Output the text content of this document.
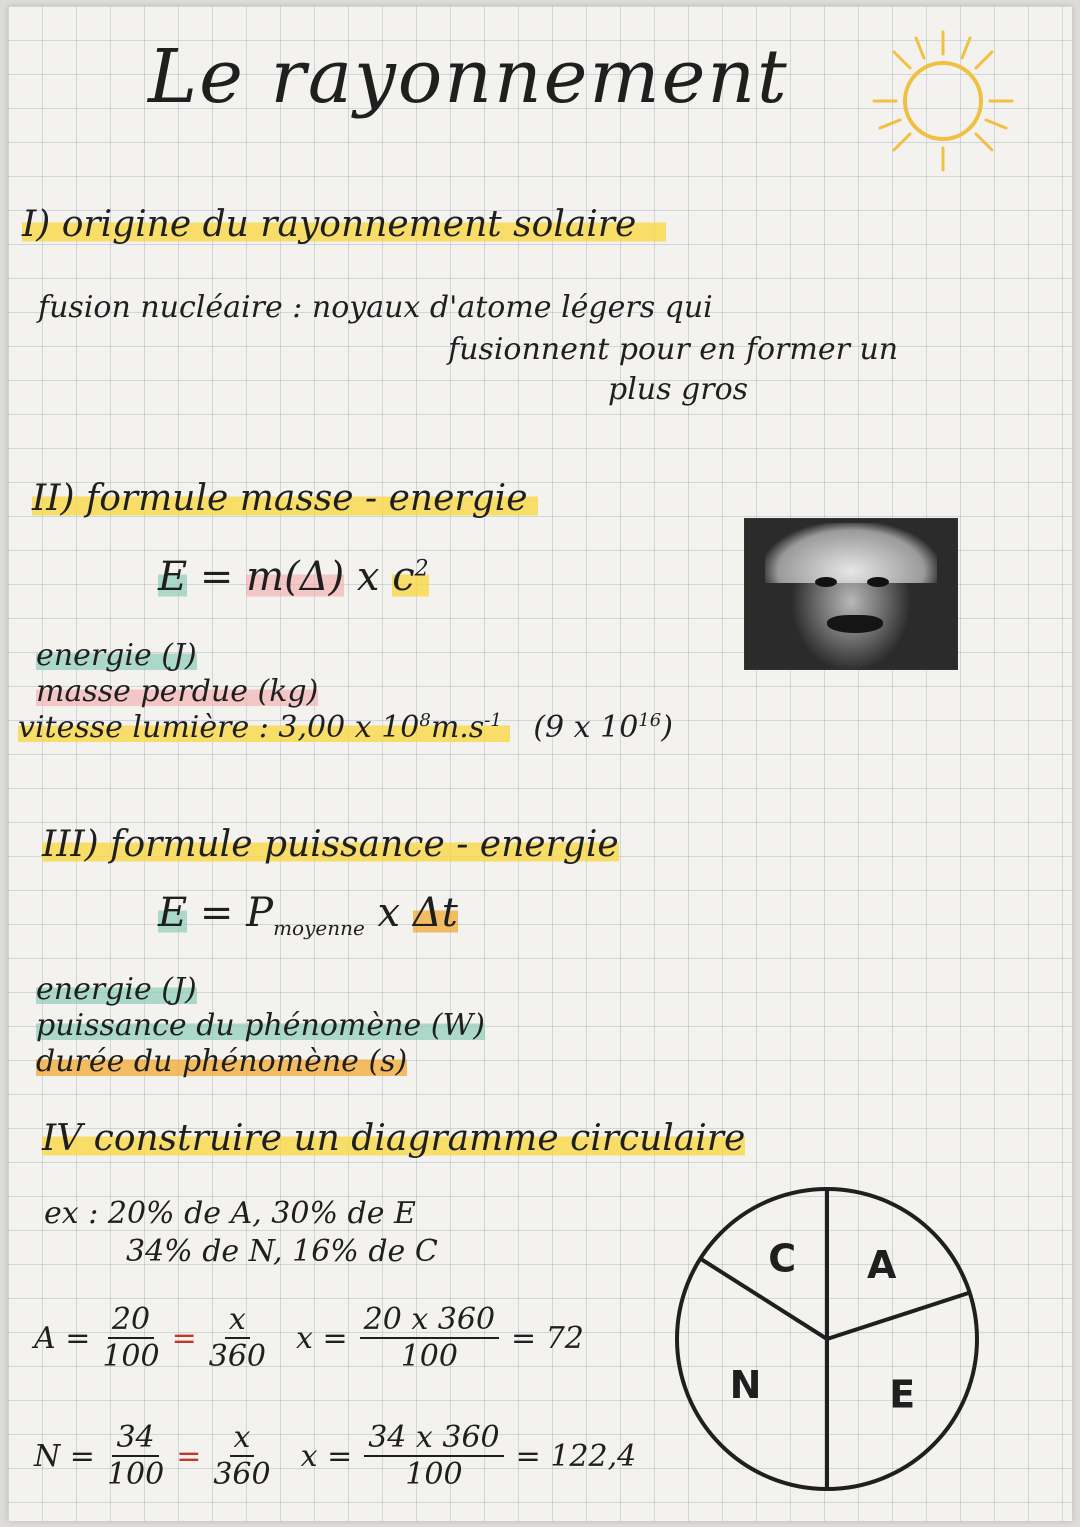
Le rayonnement
I) origine du rayonnement solaire
fusion nucléaire : noyaux d'atome légers qui
fusionnent pour en former un
plus gros
II) formule masse - energie
E = m(Δ) x $c^2$
energie (J)
masse perdue (kg)
vitesse lumière : 3,00 x $10^8m.s^{-1}$ (9 x $10^{16}$)
III) formule puissance - energie
$E = P_{moyenne}$ x Δt
energie (J)
puissance du phénomène (W)
durée du phénomène (s)
IV construire un diagramme circulaire
ex : 20% de A, 30% de E
34% de N, 16% de C
$A = \frac{20}{100} = \frac{x}{360}$ $x = \frac{20 x 360}{100} = 72$
$N = \frac{34}{100} = \frac{x}{360}$ $x = \frac{34 x 360}{100} = 122,4$
A
E
N
C
